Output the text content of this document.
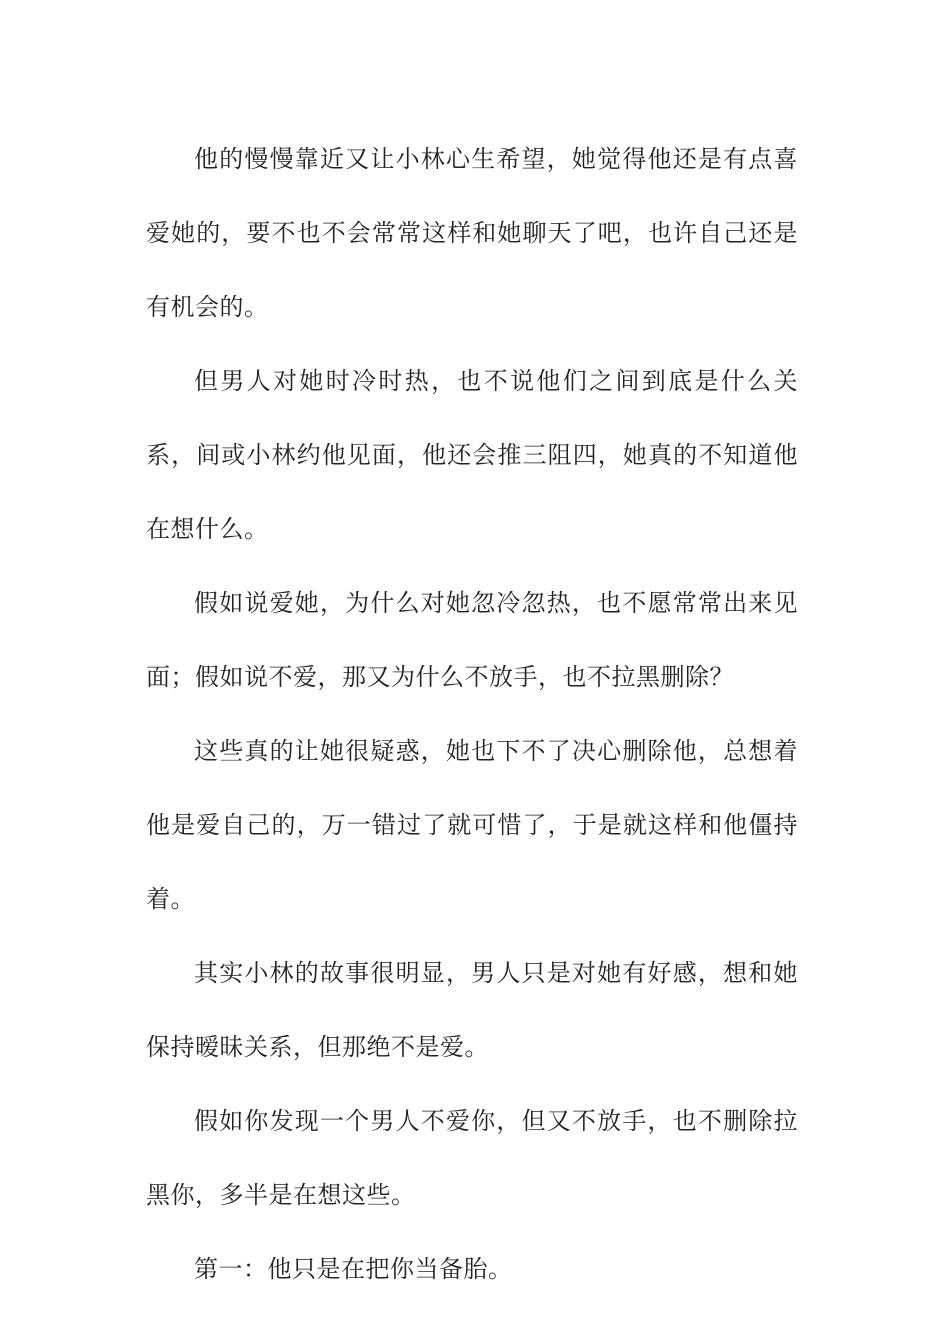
他的慢慢靠近又让小林心生希望，她觉得他还是有点喜爱她的，要不也不会常常这样和她聊天了吧，也许自己还是有机会的。

但男人对她时冷时热，也不说他们之间到底是什么关系，间或小林约他见面，他还会推三阻四，她真的不知道他在想什么。

假如说爱她，为什么对她忽冷忽热，也不愿常常出来见面；假如说不爱，那又为什么不放手，也不拉黑删除？

这些真的让她很疑惑，她也下不了决心删除他，总想着他是爱自己的，万一错过了就可惜了，于是就这样和他僵持着。

其实小林的故事很明显，男人只是对她有好感，想和她保持暧昧关系，但那绝不是爱。

假如你发现一个男人不爱你，但又不放手，也不删除拉黑你，多半是在想这些。

第一：他只是在把你当备胎。
